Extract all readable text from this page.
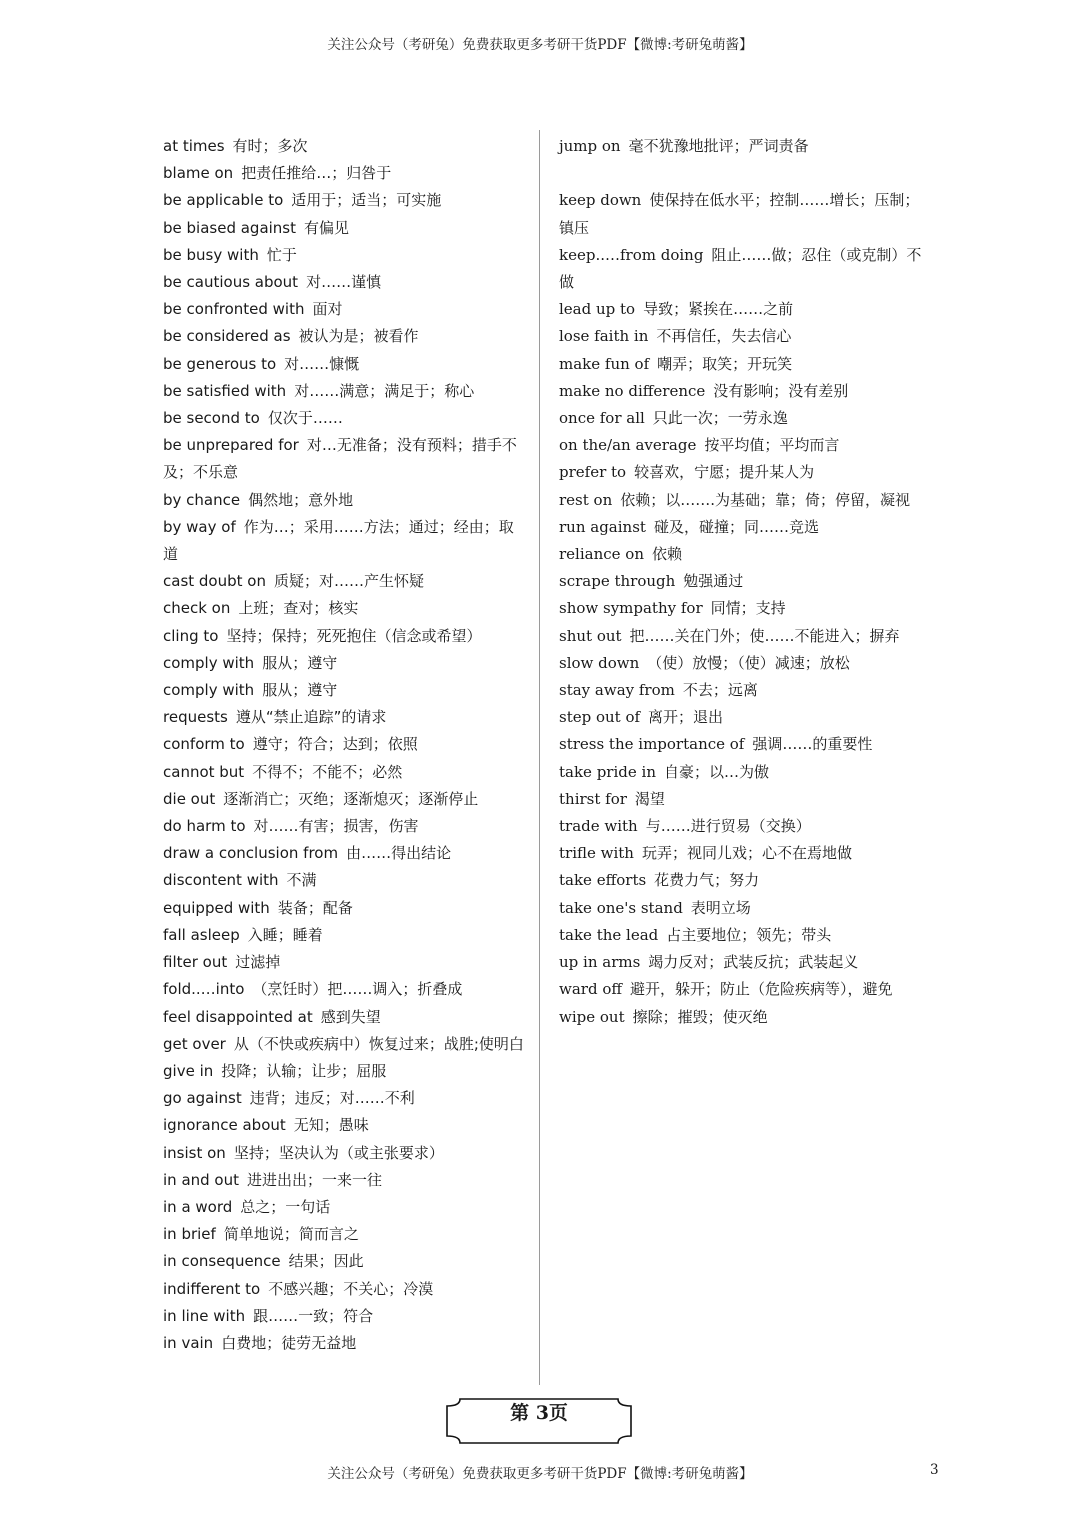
关注公众号（考研兔）免费获取更多考研干货PDF【微博:考研兔萌酱】

at times 有时；多次

blame on 把责任推给…；归咎于

be applicable to 适用于；适当；可实施

be biased against 有偏见

be busy with 忙于

be cautious about 对……谨慎

be confronted with 面对

be considered as 被认为是；被看作

be generous to 对……慷慨

be satisfied with 对……满意；满足于；称心

be second to 仅次于……

be unprepared for 对…无准备；没有预料；措手不及；不乐意

by chance 偶然地；意外地

by way of 作为…；采用……方法；通过；经由；取道

cast doubt on 质疑；对……产生怀疑

check on 上班；查对；核实

cling to 坚持；保持；死死抱住（信念或希望）

comply with 服从；遵守

comply with 服从；遵守

requests 遵从“禁止追踪”的请求

conform to 遵守；符合；达到；依照

cannot but 不得不；不能不；必然

die out 逐渐消亡；灭绝；逐渐熄灭；逐渐停止

do harm to 对……有害；损害，伤害

draw a conclusion from 由……得出结论

discontent with 不满

equipped with 装备；配备

fall asleep 入睡；睡着

filter out 过滤掉

fold..…into （烹饪时）把……调入；折叠成

feel disappointed at 感到失望

get over 从（不快或疾病中）恢复过来；战胜;使明白

give in 投降；认输；让步；屈服

go against 违背；违反；对……不利

ignorance about 无知；愚味

insist on 坚持；坚决认为（或主张要求）

in and out 进进出出；一来一往

in a word 总之；一句话

in brief 简单地说；简而言之

in consequence 结果；因此

indifferent to 不感兴趣；不关心；冷漠

in line with 跟……一致；符合

in vain 白费地；徒劳无益地

jump on 毫不犹豫地批评；严词责备

keep down 使保持在低水平；控制……增长；压制；镇压

keep..…from doing 阻止……做；忍住（或克制）不做

lead up to 导致；紧挨在……之前

lose faith in 不再信任，失去信心

make fun of 嘲弄；取笑；开玩笑

make no difference 没有影响；没有差别

once for all 只此一次；一劳永逸

on the/an average 按平均值；平均而言

prefer to 较喜欢，宁愿；提升某人为

rest on 依赖；以…….为基础；靠；倚；停留，凝视

run against 碰及，碰撞；同……竞选

reliance on 依赖

scrape through 勉强通过

show sympathy for 同情；支持

shut out 把……关在门外；使……不能进入；摒弃

slow down （使）放慢；（使）减速；放松

stay away from 不去；远离

step out of 离开；退出

stress the importance of 强调……的重要性

take pride in 自豪；以…为傲

thirst for 渴望

trade with 与……进行贸易（交换）

trifle with 玩弄；视同儿戏；心不在焉地做

take efforts 花费力气；努力

take one's stand 表明立场

take the lead 占主要地位；领先；带头

up in arms 竭力反对；武装反抗；武装起义

ward off 避开，躲开；防止（危险疾病等），避免

wipe out 擦除；摧毁；使灭绝

第 3页
关注公众号（考研兔）免费获取更多考研干货PDF【微博:考研兔萌酱】	3
